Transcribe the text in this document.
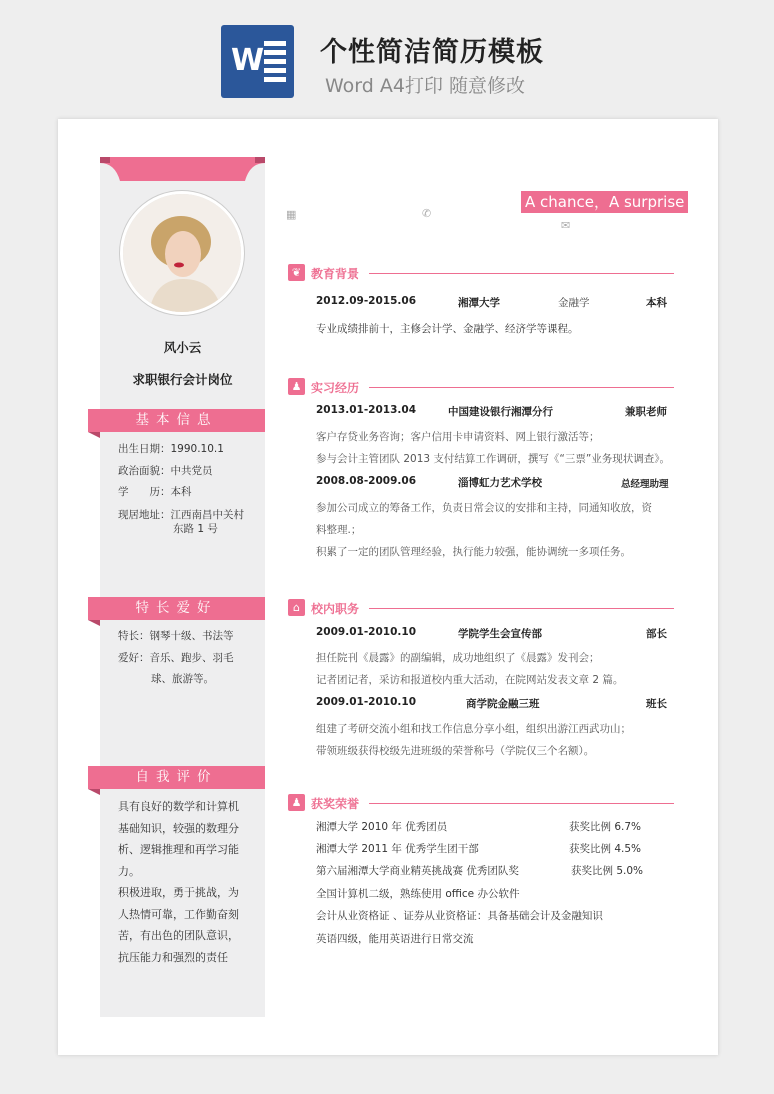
W 个性简洁简历模板
Word A4打印 随意修改
风小云
求职银行会计岗位
基本信息
出生日期：1990.10.1
政治面貌：中共党员
学　　历：本科
现居地址：江西南昌中关村
东路 1 号
特长爱好
特长：钢琴十级、书法等
爱好：音乐、跑步、羽毛
球、旅游等。
自我评价
具有良好的数学和计算机
基础知识，较强的数理分
析、逻辑推理和再学习能
力。
积极进取，勇于挑战，为
人热情可靠，工作勤奋刻
苦，有出色的团队意识，
抗压能力和强烈的责任
A chance，A surprise
▦	✆
✉
❦ 教育背景
2012.09-2015.06	湘潭大学	金融学	本科
专业成绩排前十，主修会计学、金融学、经济学等课程。
♟ 实习经历
2013.01-2013.04	中国建设银行湘潭分行	兼职老师
客户存贷业务咨询；客户信用卡申请资料、网上银行激活等；
参与会计主管团队 2013 支付结算工作调研，撰写《“三票”业务现状调查》。
2008.08-2009.06	淄博虹力艺术学校	总经理助理
参加公司成立的筹备工作，负责日常会议的安排和主持，同通知收放，资
料整理.；
积累了一定的团队管理经验，执行能力较强，能协调统一多项任务。
⌂ 校内职务
2009.01-2010.10	学院学生会宣传部	部长
担任院刊《晨露》的副编辑，成功地组织了《晨露》发刊会；
记者团记者，采访和报道校内重大活动，在院网站发表文章 2 篇。
2009.01-2010.10	商学院金融三班	班长
组建了考研交流小组和找工作信息分享小组，组织出游江西武功山；
带领班级获得校级先进班级的荣誉称号（学院仅三个名额）。
♟ 获奖荣誉
湘潭大学 2010 年 优秀团员	获奖比例 6.7%
湘潭大学 2011 年 优秀学生团干部	获奖比例 4.5%
第六届湘潭大学商业精英挑战赛 优秀团队奖	获奖比例 5.0%
全国计算机二级，熟练使用 office 办公软件
会计从业资格证 、证券从业资格证：具备基础会计及金融知识
英语四级，能用英语进行日常交流
